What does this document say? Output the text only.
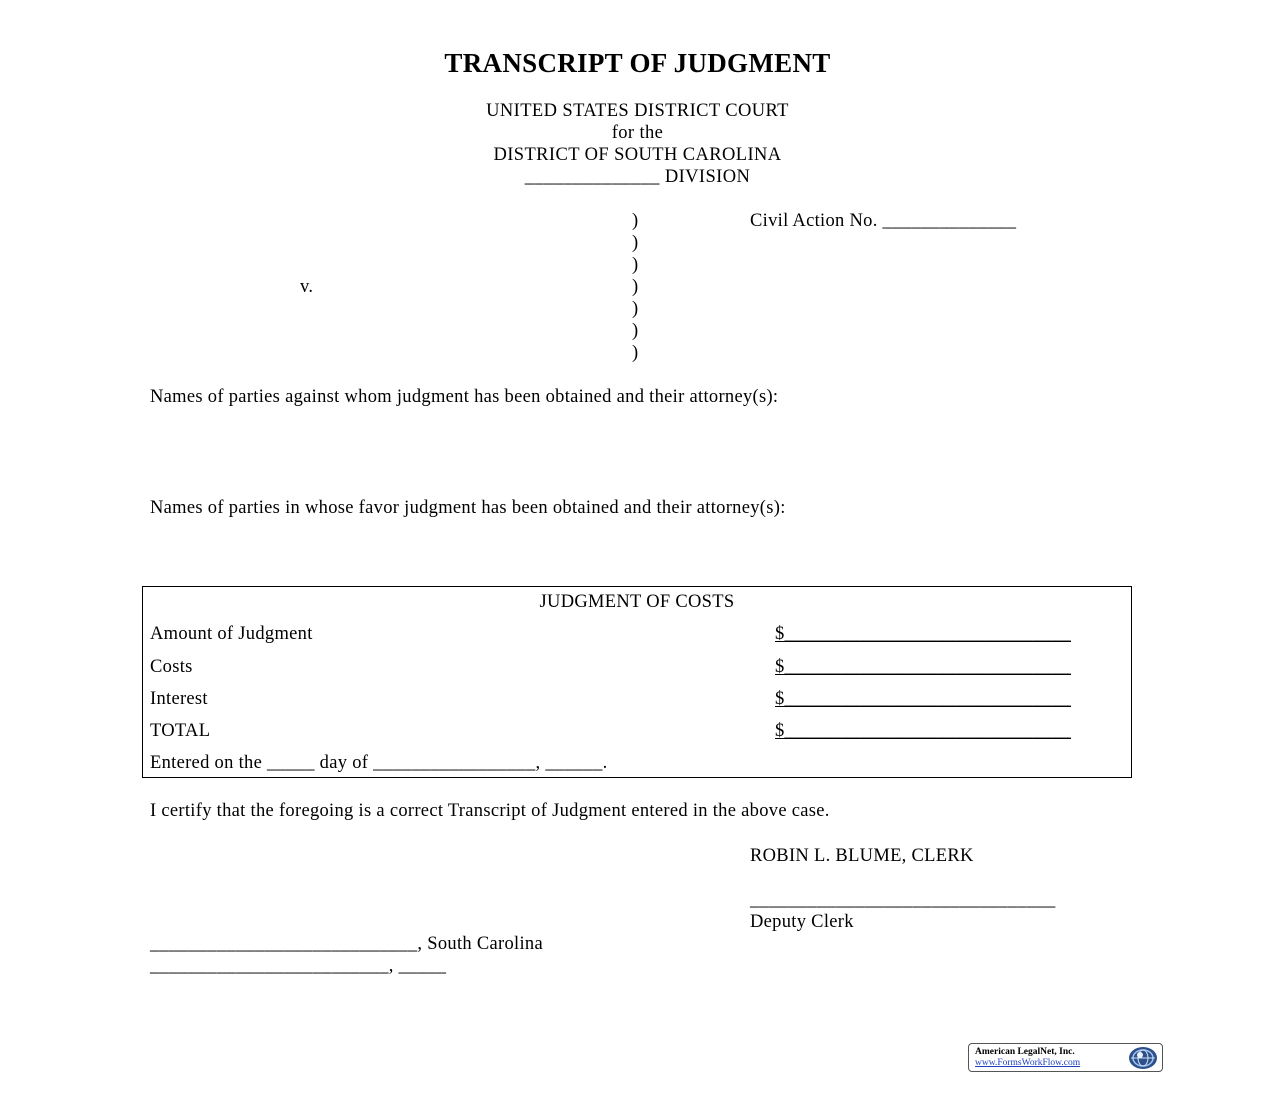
TRANSCRIPT OF JUDGMENT
UNITED STATES DISTRICT COURT
for the
DISTRICT OF SOUTH CAROLINA
______________ DIVISION
)
)
)
)
)
)
)
v.
Civil Action No. ______________
Names of parties against whom judgment has been obtained and their attorney(s):
Names of parties in whose favor judgment has been obtained and their attorney(s):
JUDGMENT OF COSTS
Amount of Judgment	$______________________________
Costs	$______________________________
Interest	$______________________________
TOTAL	$______________________________
Entered on the _____ day of _________________, ______.
I certify that the foregoing is a correct Transcript of Judgment entered in the above case.
ROBIN L. BLUME, CLERK
________________________________
Deputy Clerk
____________________________, South Carolina
_________________________, _____
American LegalNet, Inc.
www.FormsWorkFlow.com
